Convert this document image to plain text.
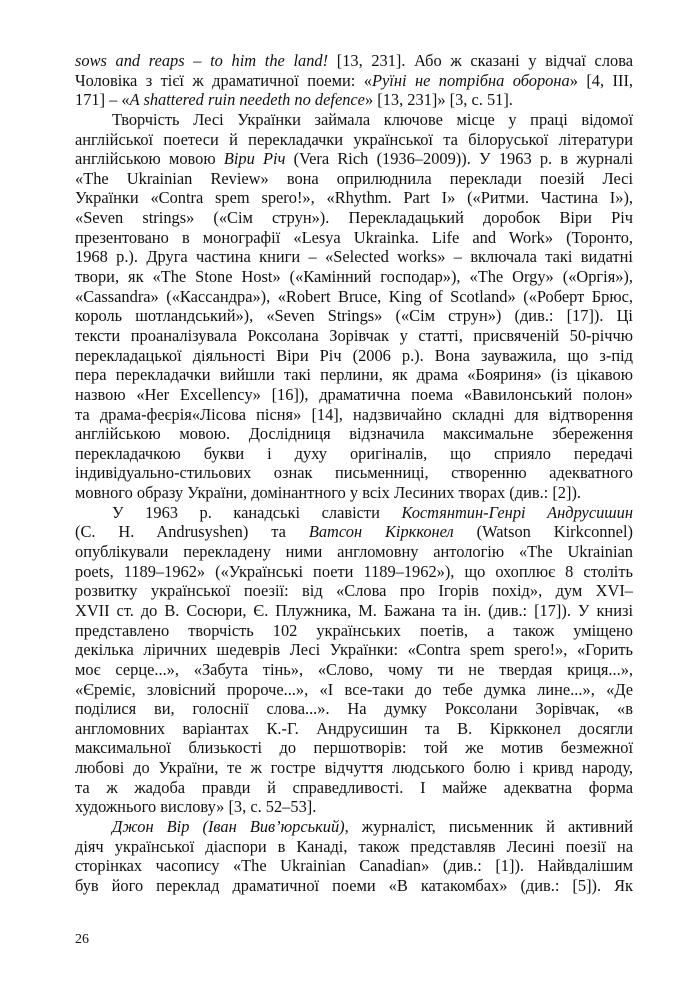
sows and reaps – to him the land! [13, 231]. Або ж сказані у відчаї слова
Чоловіка з тієї ж драматичної поеми: «Руїні не потрібна оборона» [4, III,
171] – «A shattered ruin needeth no defence» [13, 231]» [3, с. 51].
Творчість Лесі Українки займала ключове місце у праці відомої
англійської поетеси й перекладачки української та білоруської літератури
англійською мовою Віри Річ (Vera Rich (1936–2009)). У 1963 р. в журналі
«The Ukrainian Review» вона оприлюднила переклади поезій Лесі
Українки «Contra spem spero!», «Rhythm. Part I» («Ритми. Частина I»),
«Seven strings» («Сім струн»). Перекладацький доробок Віри Річ
презентовано в монографії «Lesya Ukrainka. Life and Work» (Торонто,
1968 р.). Друга частина книги – «Selected works» – включала такі видатні
твори, як «The Stone Host» («Камінний господар»), «The Orgy» («Оргія»),
«Cassandra» («Кассандра»), «Robert Bruce, King of Scotland» («Роберт Брюс,
король шотландський»), «Seven Strings» («Сім струн») (див.: [17]). Ці
тексти проаналізувала Роксолана Зорівчак у статті, присвяченій 50-річчю
перекладацької діяльності Віри Річ (2006 р.). Вона зауважила, що з-під
пера перекладачки вийшли такі перлини, як драма «Бояриня» (із цікавою
назвою «Her Excellency» [16]), драматична поема «Вавилонський полон»
та драма-феєрія«Лісова пісня» [14], надзвичайно складні для відтворення
англійською мовою. Дослідниця відзначила максимальне збереження
перекладачкою букви і духу оригіналів, що сприяло передачі
індивідуально-стильових ознак письменниці, створенню адекватного
мовного образу України, домінантного у всіх Лесиних творах (див.: [2]).
У 1963 р. канадські славісти Костянтин-Генрі Андрусишин
(C. H. Andrusyshen) та Ватсон Кіркконел (Watson Kirkconnel)
опублікували перекладену ними англомовну антологію «The Ukrainian
poets, 1189–1962» («Українські поети 1189–1962»), що охоплює 8 століть
розвитку української поезії: від «Слова про Ігорів похід», дум XVI–
XVII ст. до В. Сосюри, Є. Плужника, М. Бажана та ін. (див.: [17]). У книзі
представлено творчість 102 українських поетів, а також уміщено
декілька ліричних шедеврів Лесі Українки: «Contra spem spero!», «Горить
моє серце...», «Забута тінь», «Слово, чому ти не твердая криця...»,
«Єреміє, зловісний пророче...», «І все-таки до тебе думка лине...», «Де
поділися ви, голоснії слова...». На думку Роксолани Зорівчак, «в
англомовних варіантах К.-Г. Андрусишин та В. Кіркконел досягли
максимальної близькості до першотворів: той же мотив безмежної
любові до України, те ж гостре відчуття людського болю і кривд народу,
та ж жадоба правди й справедливості. І майже адекватна форма
художнього вислову» [3, с. 52–53].
Джон Вір (Іван Вив’юрський), журналіст, письменник й активний
діяч української діаспори в Канаді, також представляв Лесині поезії на
сторінках часопису «The Ukrainian Canadian» (див.: [1]). Найвдалішим
був його переклад драматичної поеми «В катакомбах» (див.: [5]). Як
26
